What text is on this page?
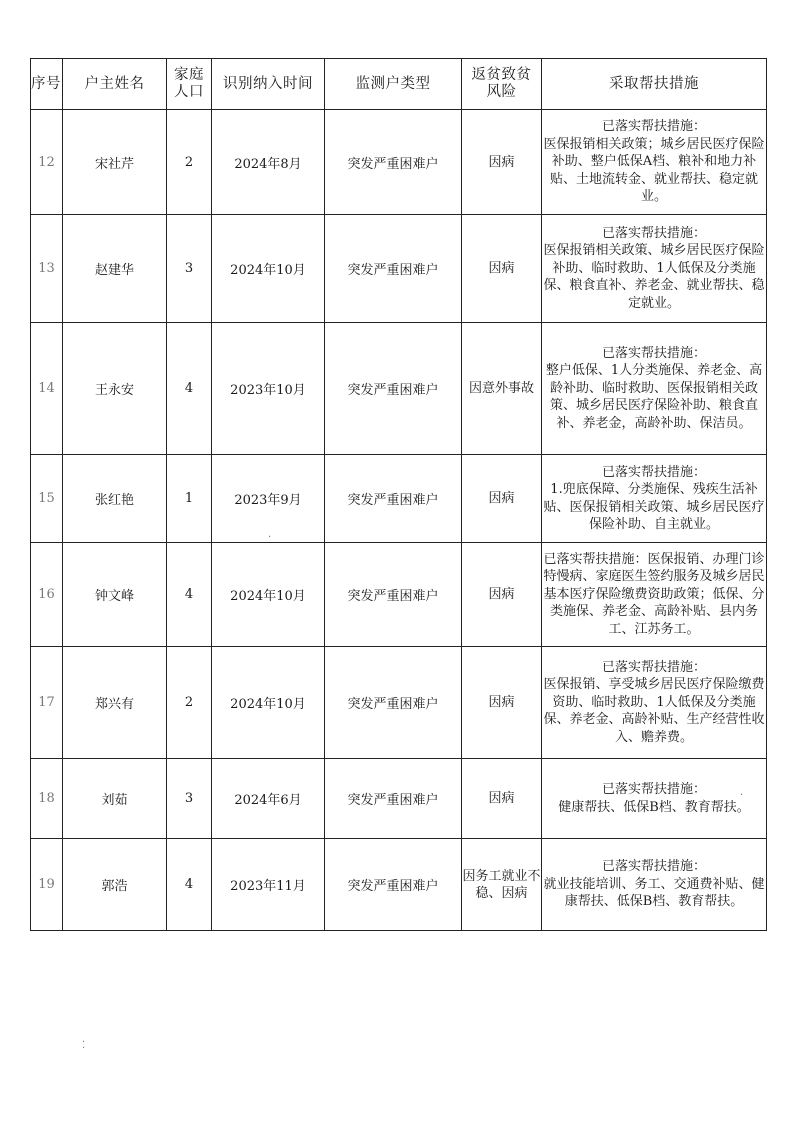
序号	户主姓名	家庭人口	识别纳入时间	监测户类型	返贫致贫风险	采取帮扶措施
12	宋社芹	2	2024年8月	突发严重困难户	因病	已落实帮扶措施：
医保报销相关政策；城乡居民医疗保险补助、整户低保A档、粮补和地力补贴、土地流转金、就业帮扶、稳定就业。

13	赵建华	3	2024年10月	突发严重困难户	因病	已落实帮扶措施：
医保报销相关政策、城乡居民医疗保险补助、临时救助、1人低保及分类施保、粮食直补、养老金、就业帮扶、稳定就业。

14	王永安	4	2023年10月	突发严重困难户	因意外事故	已落实帮扶措施：
整户低保、1人分类施保、养老金、高龄补助、临时救助、医保报销相关政策、城乡居民医疗保险补助、粮食直补、养老金，高龄补助、保洁员。

15	张红艳	1	2023年9月	突发严重困难户	因病	已落实帮扶措施：
1.兜底保障、分类施保、残疾生活补贴、医保报销相关政策、城乡居民医疗保险补助、自主就业。

16	钟文峰	4	2024年10月	突发严重困难户	因病	已落实帮扶措施：医保报销、办理门诊特慢病、家庭医生签约服务及城乡居民基本医疗保险缴费资助政策；低保、分类施保、养老金、高龄补贴、县内务工、江苏务工。

17	郑兴有	2	2024年10月	突发严重困难户	因病	已落实帮扶措施：
医保报销、享受城乡居民医疗保险缴费资助、临时救助、1人低保及分类施保、养老金、高龄补贴、生产经营性收入、赡养费。

18	刘茹	3	2024年6月	突发严重困难户	因病	已落实帮扶措施：
健康帮扶、低保B档、教育帮扶。

19	郭浩	4	2023年11月	突发严重困难户	因务工就业不稳、因病	已落实帮扶措施：
就业技能培训、务工、交通费补贴、健康帮扶、低保B档、教育帮扶。
·
·
⁚
